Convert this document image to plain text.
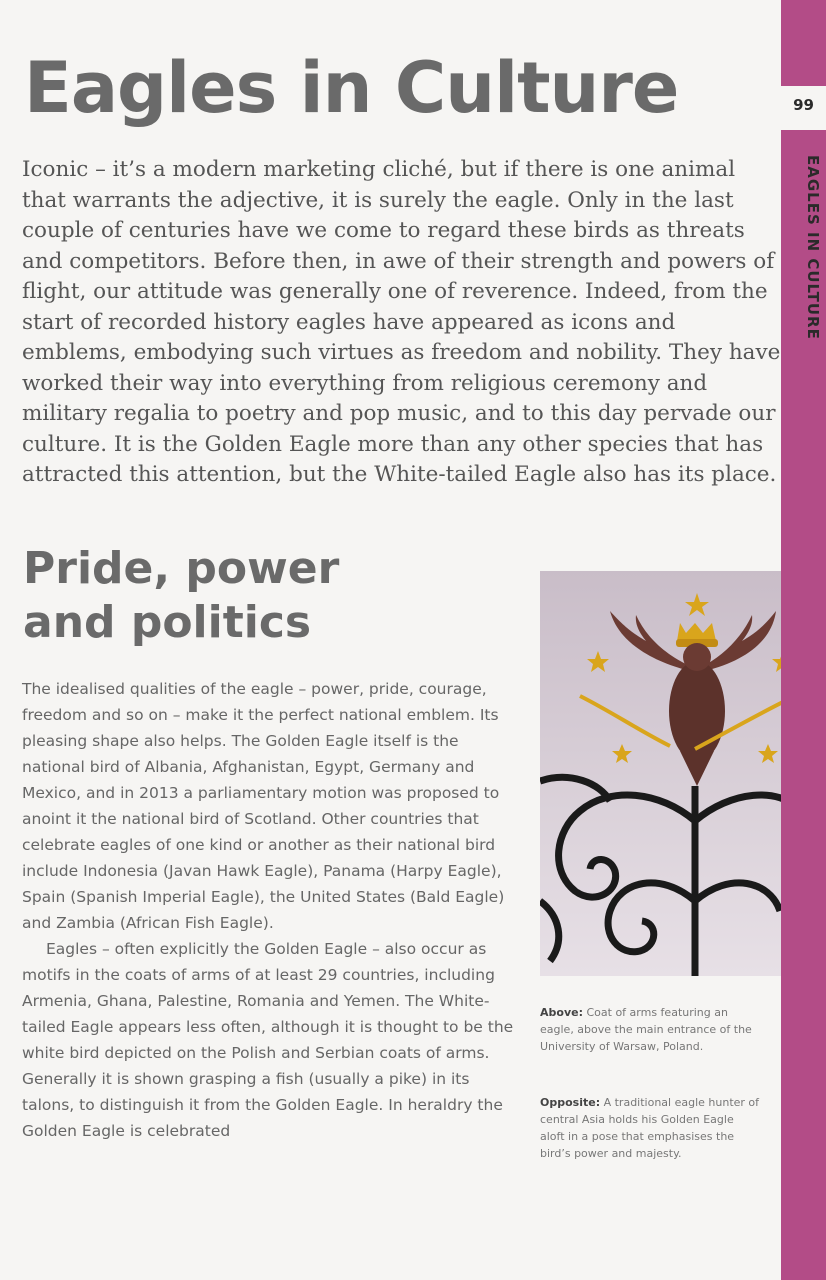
99
EAGLES IN CULTURE
Eagles in Culture

Iconic – it’s a modern marketing cliché, but if there is one animal that warrants the adjective, it is surely the eagle. Only in the last couple of centuries have we come to regard these birds as threats and competitors. Before then, in awe of their strength and powers of flight, our attitude was generally one of reverence. Indeed, from the start of recorded history eagles have appeared as icons and emblems, embodying such virtues as freedom and nobility. They have worked their way into everything from religious ceremony and military regalia to poetry and pop music, and to this day pervade our culture. It is the Golden Eagle more than any other species that has attracted this attention, but the White-tailed Eagle also has its place.

Pride, power
and politics

The idealised qualities of the eagle – power, pride, courage, freedom and so on – make it the perfect national emblem. Its pleasing shape also helps. The Golden Eagle itself is the national bird of Albania, Afghanistan, Egypt, Germany and Mexico, and in 2013 a parliamentary motion was proposed to anoint it the national bird of Scotland. Other countries that celebrate eagles of one kind or another as their national bird include Indonesia (Javan Hawk Eagle), Panama (Harpy Eagle), Spain (Spanish Imperial Eagle), the United States (Bald Eagle) and Zambia (African Fish Eagle).

Eagles – often explicitly the Golden Eagle – also occur as motifs in the coats of arms of at least 29 countries, including Armenia, Ghana, Palestine, Romania and Yemen. The White-tailed Eagle appears less often, although it is thought to be the white bird depicted on the Polish and Serbian coats of arms. Generally it is shown grasping a fish (usually a pike) in its talons, to distinguish it from the Golden Eagle. In heraldry the Golden Eagle is celebrated

Above: Coat of arms featuring an eagle, above the main entrance of the University of Warsaw, Poland.

Opposite: A traditional eagle hunter of central Asia holds his Golden Eagle aloft in a pose that emphasises the bird’s power and majesty.
